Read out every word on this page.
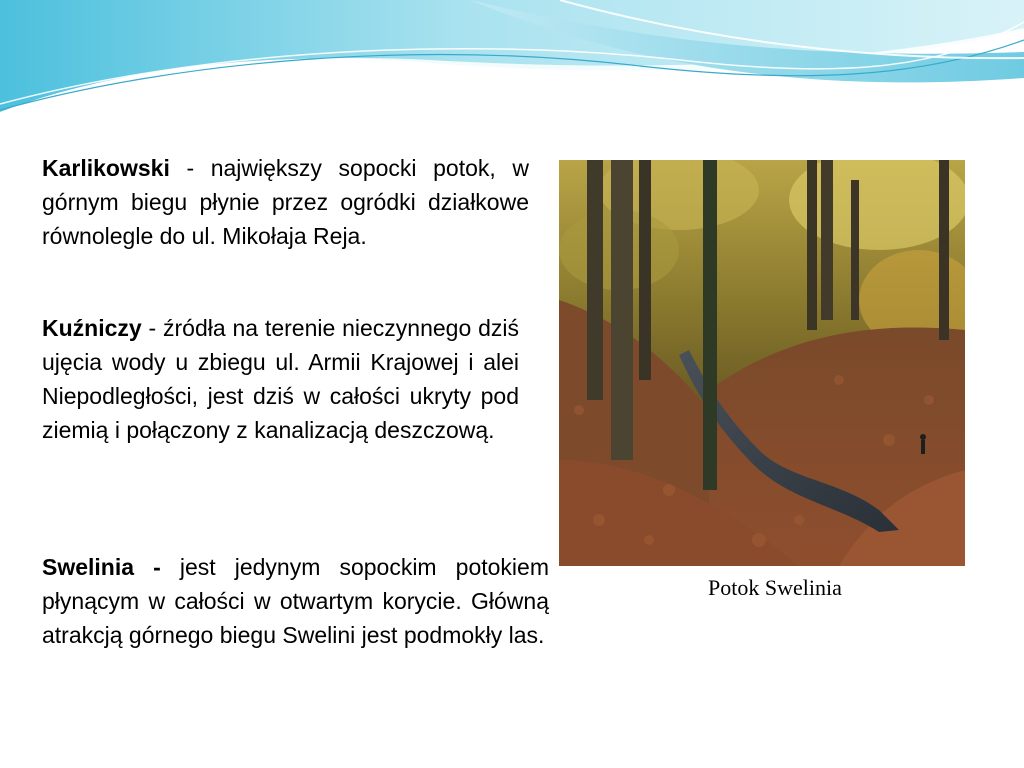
Karlikowski - największy sopocki potok, w górnym biegu płynie przez ogródki działkowe równolegle do ul. Mikołaja Reja.

Kuźniczy - źródła na terenie nieczynnego dziś ujęcia wody u zbiegu ul. Armii Krajowej i alei Niepodległości, jest dziś w całości ukryty pod ziemią i połączony z kanalizacją deszczową.

Swelinia - jest jedynym sopockim potokiem płynącym w całości w otwartym korycie. Główną atrakcją górnego biegu Swelini jest podmokły las.

Potok Swelinia
